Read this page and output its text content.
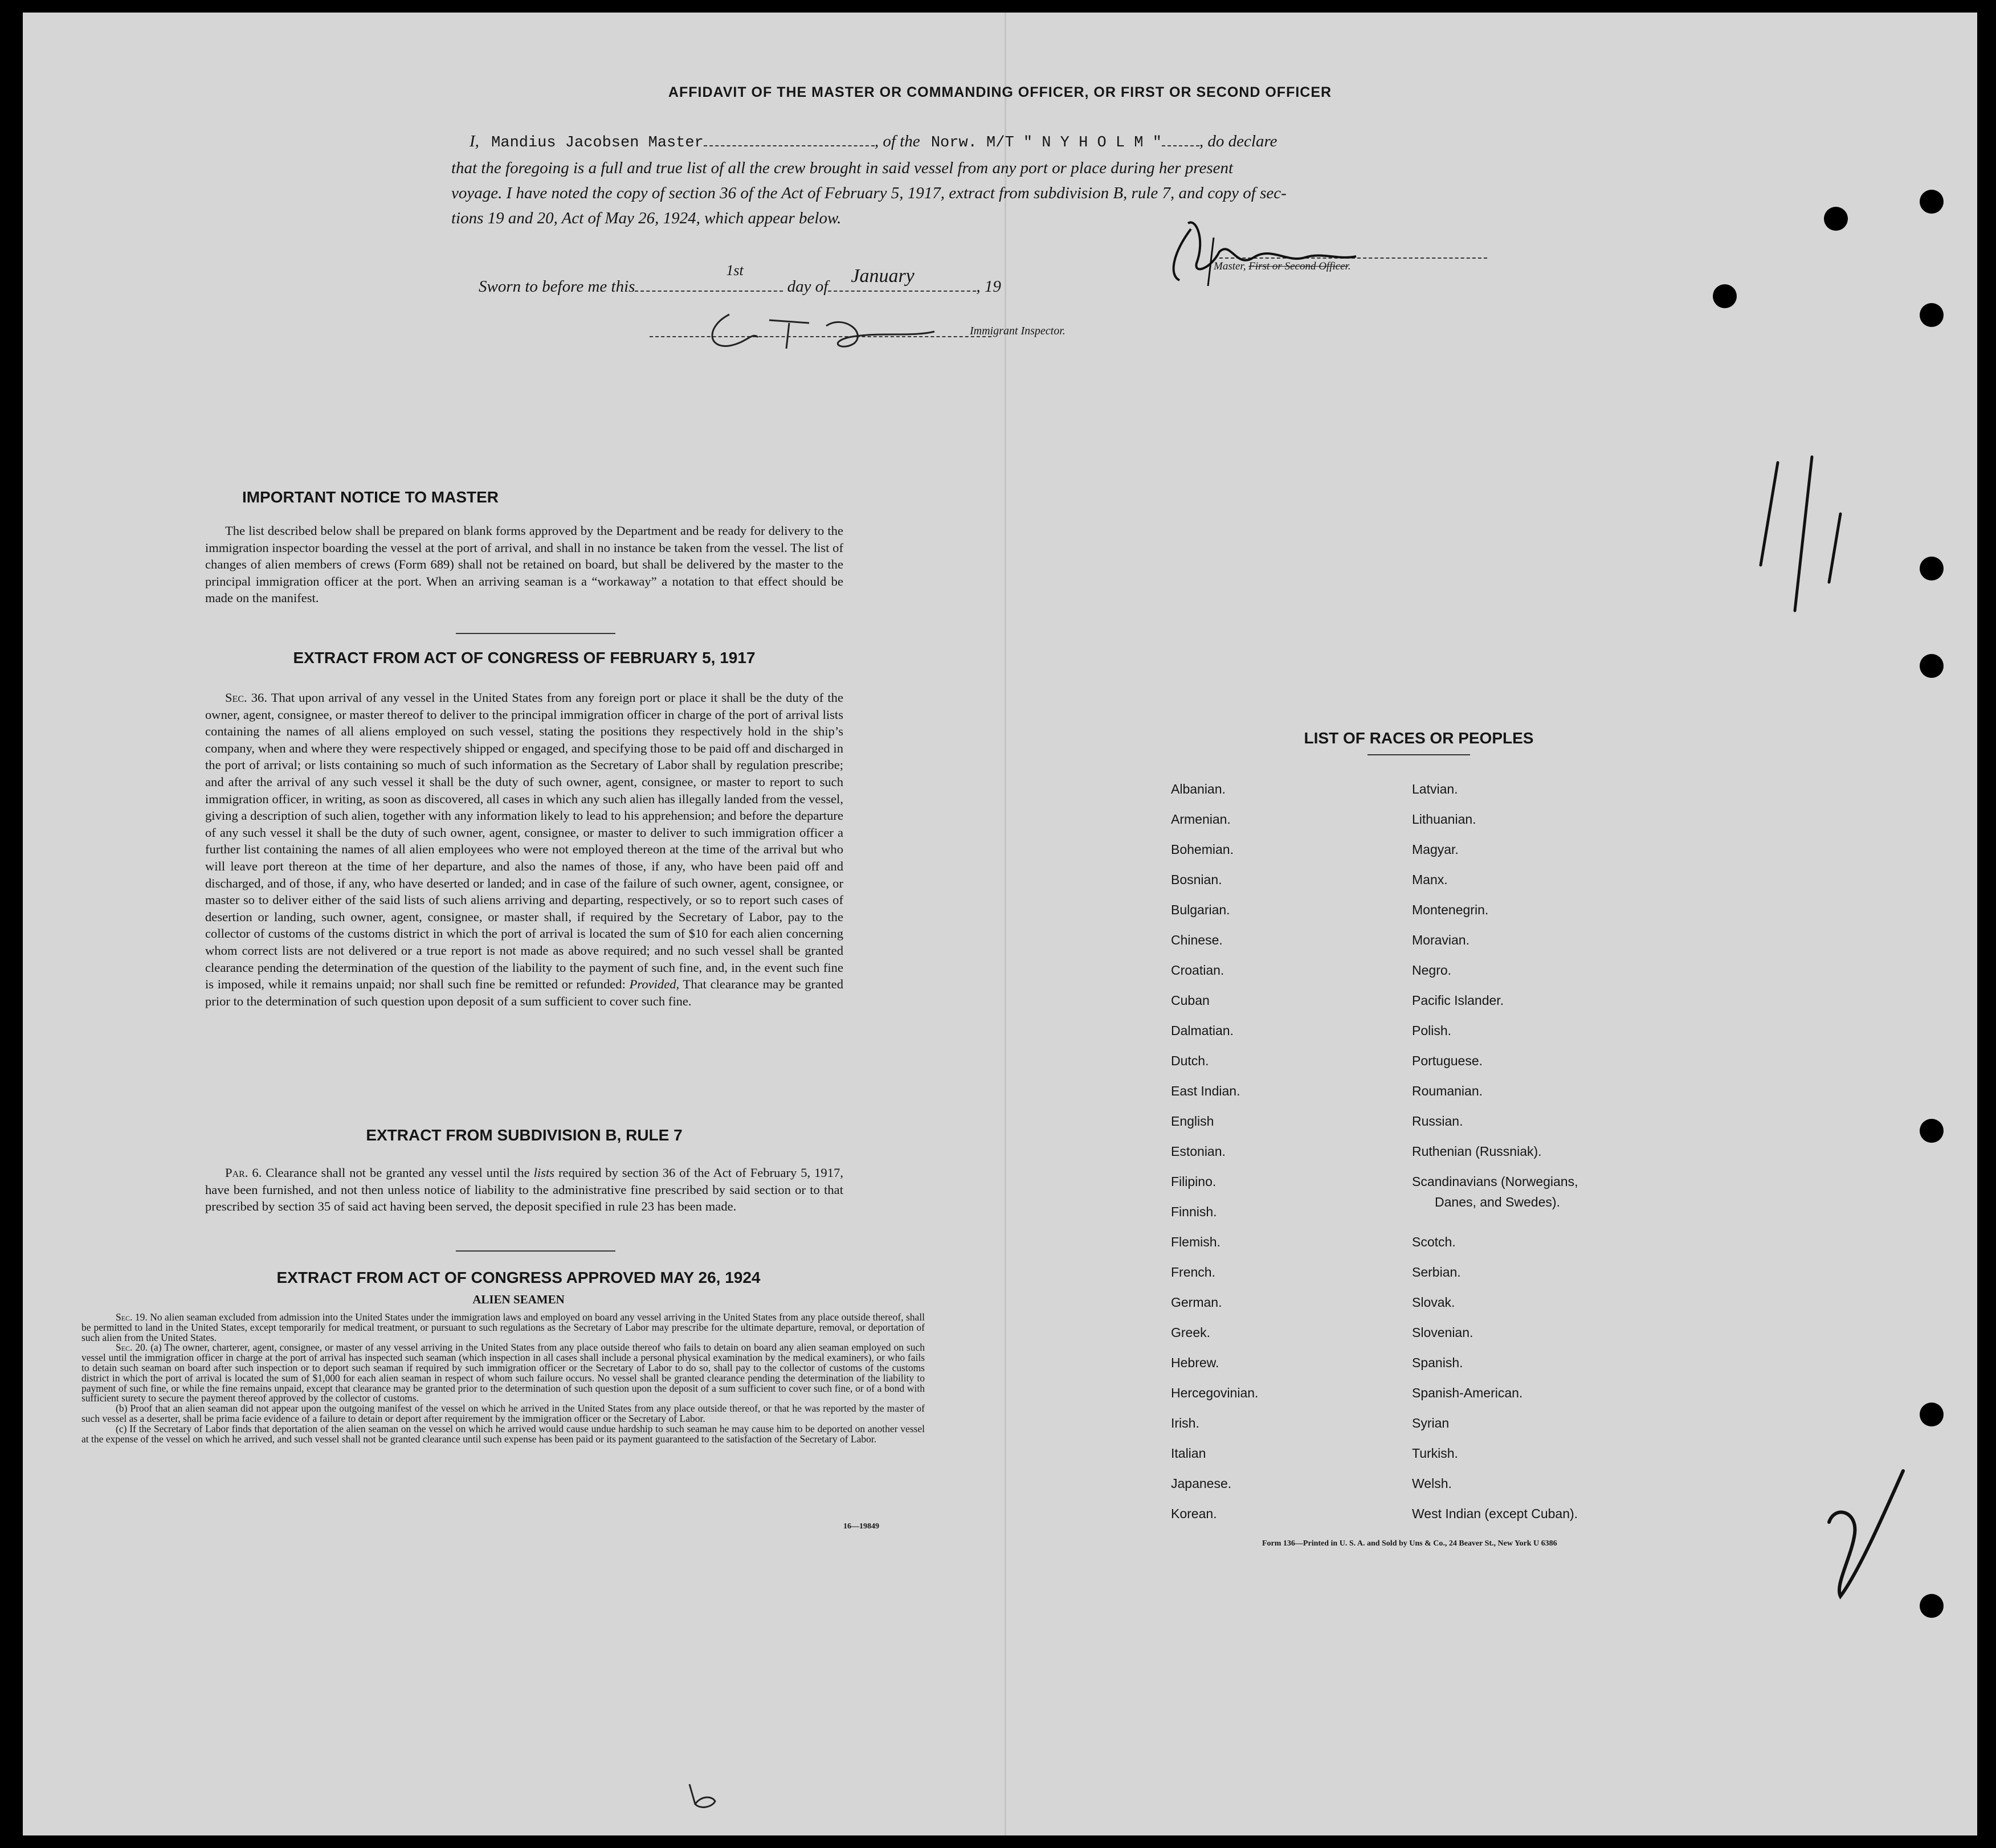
AFFIDAVIT OF THE MASTER OR COMMANDING OFFICER, OR FIRST OR SECOND OFFICER
I, Mandius Jacobsen Master	, of the Norw. M/T " N Y H O L M " , do declare
that the foregoing is a full and true list of all the crew brought in said vessel from any port or place during her present
voyage. I have noted the copy of section 36 of the Act of February 5, 1917, extract from subdivision B, rule 7, and copy of sec-
tions 19 and 20, Act of May 26, 1924, which appear below.
Master, First or Second Officer.
Sworn to before me this
1st
day of January	, 19
Immigrant Inspector.
IMPORTANT NOTICE TO MASTER
The list described below shall be prepared on blank forms approved by the Department and be ready for delivery to the immigration inspector boarding the vessel at the port of arrival, and shall in no instance be taken from the vessel. The list of changes of alien members of crews (Form 689) shall not be retained on board, but shall be delivered by the master to the principal immigration officer at the port. When an arriving seaman is a “workaway” a notation to that effect should be made on the manifest.
EXTRACT FROM ACT OF CONGRESS OF FEBRUARY 5, 1917
Sec. 36. That upon arrival of any vessel in the United States from any foreign port or place it shall be the duty of the owner, agent, consignee, or master thereof to deliver to the principal immigration officer in charge of the port of arrival lists containing the names of all aliens employed on such vessel, stating the positions they respectively hold in the ship’s company, when and where they were respectively shipped or engaged, and specifying those to be paid off and discharged in the port of arrival; or lists containing so much of such information as the Secretary of Labor shall by regulation prescribe; and after the arrival of any such vessel it shall be the duty of such owner, agent, consignee, or master to report to such immigration officer, in writing, as soon as discovered, all cases in which any such alien has illegally landed from the vessel, giving a description of such alien, together with any information likely to lead to his apprehension; and before the departure of any such vessel it shall be the duty of such owner, agent, consignee, or master to deliver to such immigration officer a further list containing the names of all alien employees who were not employed thereon at the time of the arrival but who will leave port thereon at the time of her departure, and also the names of those, if any, who have been paid off and discharged, and of those, if any, who have deserted or landed; and in case of the failure of such owner, agent, consignee, or master so to deliver either of the said lists of such aliens arriving and departing, respectively, or so to report such cases of desertion or landing, such owner, agent, consignee, or master shall, if required by the Secretary of Labor, pay to the collector of customs of the customs district in which the port of arrival is located the sum of $10 for each alien concerning whom correct lists are not delivered or a true report is not made as above required; and no such vessel shall be granted clearance pending the determination of the question of the liability to the payment of such fine, and, in the event such fine is imposed, while it remains unpaid; nor shall such fine be remitted or refunded: Provided, That clearance may be granted prior to the determination of such question upon deposit of a sum sufficient to cover such fine.
EXTRACT FROM SUBDIVISION B, RULE 7
Par. 6. Clearance shall not be granted any vessel until the lists required by section 36 of the Act of February 5, 1917, have been furnished, and not then unless notice of liability to the administrative fine prescribed by said section or to that prescribed by section 35 of said act having been served, the deposit specified in rule 23 has been made.
EXTRACT FROM ACT OF CONGRESS APPROVED MAY 26, 1924
ALIEN SEAMEN
Sec. 19. No alien seaman excluded from admission into the United States under the immigration laws and employed on board any vessel arriving in the United States from any place outside thereof, shall be permitted to land in the United States, except temporarily for medical treatment, or pursuant to such regulations as the Secretary of Labor may prescribe for the ultimate departure, removal, or deportation of such alien from the United States.
Sec. 20. (a) The owner, charterer, agent, consignee, or master of any vessel arriving in the United States from any place outside thereof who fails to detain on board any alien seaman employed on such vessel until the immigration officer in charge at the port of arrival has inspected such seaman (which inspection in all cases shall include a personal physical examination by the medical examiners), or who fails to detain such seaman on board after such inspection or to deport such seaman if required by such immigration officer or the Secretary of Labor to do so, shall pay to the collector of customs of the customs district in which the port of arrival is located the sum of $1,000 for each alien seaman in respect of whom such failure occurs. No vessel shall be granted clearance pending the determination of the liability to payment of such fine, or while the fine remains unpaid, except that clearance may be granted prior to the determination of such question upon the deposit of a sum sufficient to cover such fine, or of a bond with sufficient surety to secure the payment thereof approved by the collector of customs.
(b) Proof that an alien seaman did not appear upon the outgoing manifest of the vessel on which he arrived in the United States from any place outside thereof, or that he was reported by the master of such vessel as a deserter, shall be prima facie evidence of a failure to detain or deport after requirement by the immigration officer or the Secretary of Labor.
(c) If the Secretary of Labor finds that deportation of the alien seaman on the vessel on which he arrived would cause undue hardship to such seaman he may cause him to be deported on another vessel at the expense of the vessel on which he arrived, and such vessel shall not be granted clearance until such expense has been paid or its payment guaranteed to the satisfaction of the Secretary of Labor.
16—19849
LIST OF RACES OR PEOPLES
Albanian.
Armenian.
Bohemian.
Bosnian.
Bulgarian.
Chinese.
Croatian.
Cuban
Dalmatian.
Dutch.
East Indian.
English
Estonian.
Filipino.
Finnish.
Flemish.
French.
German.
Greek.
Hebrew.
Hercegovinian.
Irish.
Italian
Japanese.
Korean.
Latvian.
Lithuanian.
Magyar.
Manx.
Montenegrin.
Moravian.
Negro.
Pacific Islander.
Polish.
Portuguese.
Roumanian.
Russian.
Ruthenian (Russniak).
Scandinavians (Norwegians,
Danes, and Swedes).
Scotch.
Serbian.
Slovak.
Slovenian.
Spanish.
Spanish-American.
Syrian
Turkish.
Welsh.
West Indian (except Cuban).
Form 136—Printed in U. S. A. and Sold by Uns & Co., 24 Beaver St., New York U 6386
